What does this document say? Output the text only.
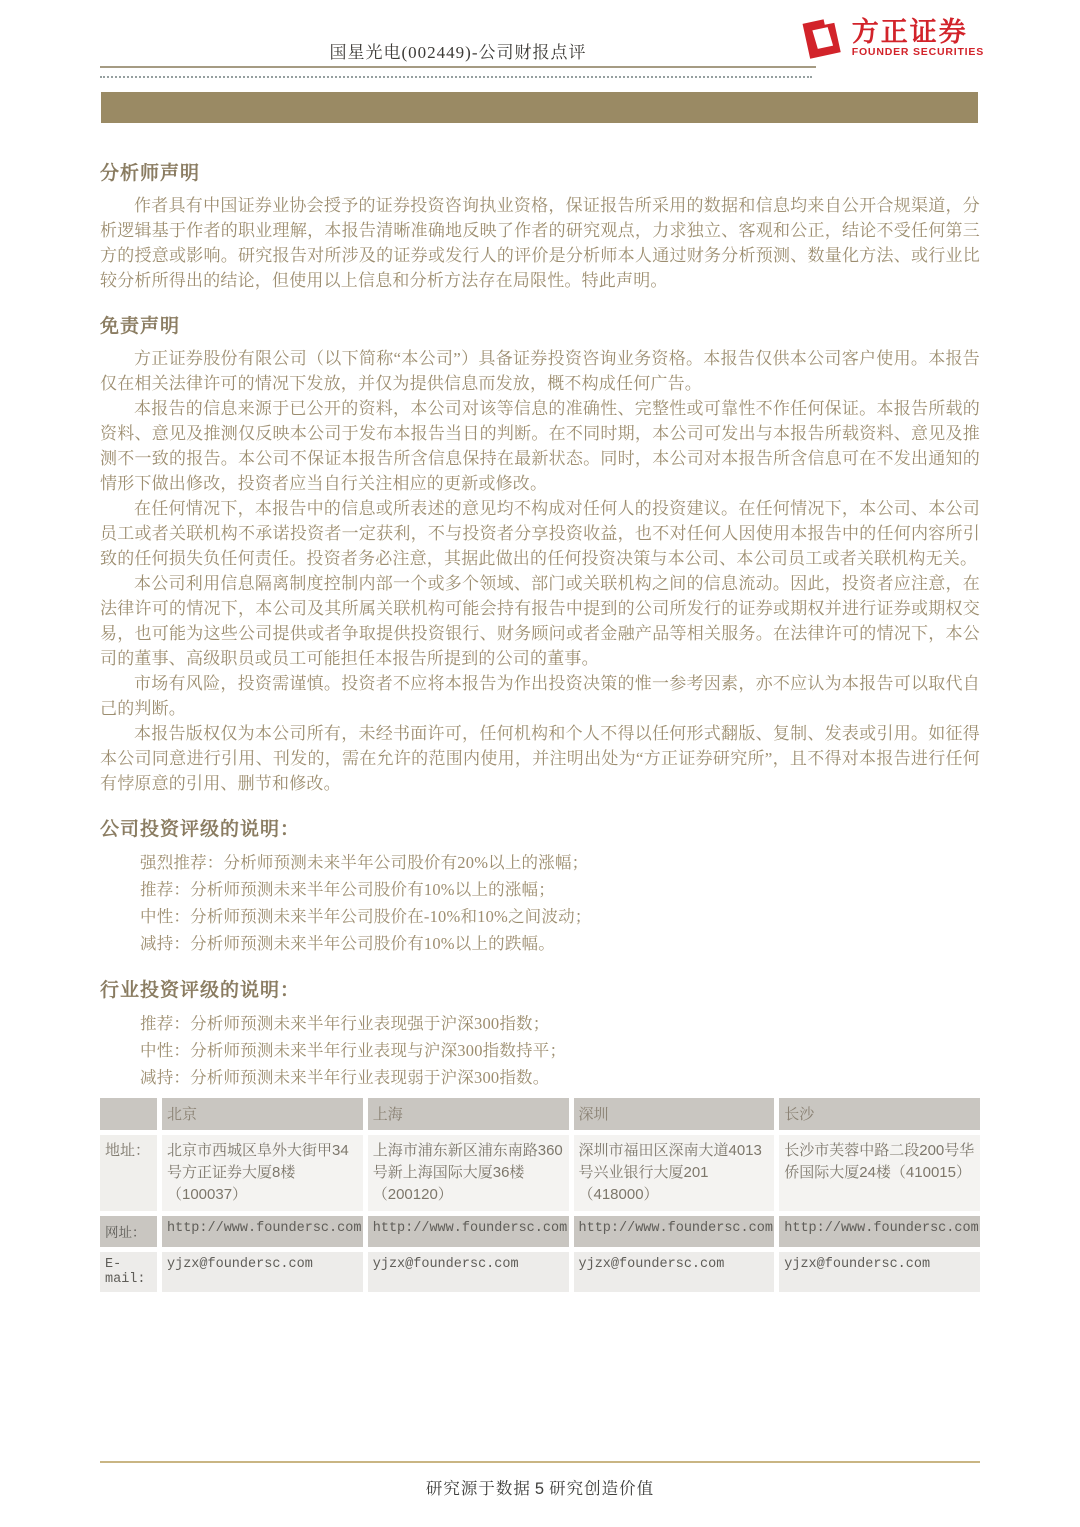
国星光电(002449)-公司财报点评
方正证券
FOUNDER SECURITIES
分析师声明

作者具有中国证券业协会授予的证券投资咨询执业资格，保证报告所采用的数据和信息均来自公开合规渠道，分析逻辑基于作者的职业理解，本报告清晰准确地反映了作者的研究观点，力求独立、客观和公正，结论不受任何第三方的授意或影响。研究报告对所涉及的证券或发行人的评价是分析师本人通过财务分析预测、数量化方法、或行业比较分析所得出的结论，但使用以上信息和分析方法存在局限性。特此声明。

免责声明

方正证券股份有限公司（以下简称“本公司”）具备证券投资咨询业务资格。本报告仅供本公司客户使用。本报告仅在相关法律许可的情况下发放，并仅为提供信息而发放，概不构成任何广告。

本报告的信息来源于已公开的资料，本公司对该等信息的准确性、完整性或可靠性不作任何保证。本报告所载的资料、意见及推测仅反映本公司于发布本报告当日的判断。在不同时期，本公司可发出与本报告所载资料、意见及推测不一致的报告。本公司不保证本报告所含信息保持在最新状态。同时，本公司对本报告所含信息可在不发出通知的情形下做出修改，投资者应当自行关注相应的更新或修改。

在任何情况下，本报告中的信息或所表述的意见均不构成对任何人的投资建议。在任何情况下，本公司、本公司员工或者关联机构不承诺投资者一定获利，不与投资者分享投资收益，也不对任何人因使用本报告中的任何内容所引致的任何损失负任何责任。投资者务必注意，其据此做出的任何投资决策与本公司、本公司员工或者关联机构无关。

本公司利用信息隔离制度控制内部一个或多个领域、部门或关联机构之间的信息流动。因此，投资者应注意，在法律许可的情况下，本公司及其所属关联机构可能会持有报告中提到的公司所发行的证券或期权并进行证券或期权交易，也可能为这些公司提供或者争取提供投资银行、财务顾问或者金融产品等相关服务。在法律许可的情况下，本公司的董事、高级职员或员工可能担任本报告所提到的公司的董事。

市场有风险，投资需谨慎。投资者不应将本报告为作出投资决策的惟一参考因素，亦不应认为本报告可以取代自己的判断。

本报告版权仅为本公司所有，未经书面许可，任何机构和个人不得以任何形式翻版、复制、发表或引用。如征得本公司同意进行引用、刊发的，需在允许的范围内使用，并注明出处为“方正证券研究所”，且不得对本报告进行任何有悖原意的引用、删节和修改。

公司投资评级的说明：
强烈推荐：分析师预测未来半年公司股价有20%以上的涨幅；
推荐：分析师预测未来半年公司股价有10%以上的涨幅；
中性：分析师预测未来半年公司股价在-10%和10%之间波动；
减持：分析师预测未来半年公司股价有10%以上的跌幅。
行业投资评级的说明：
推荐：分析师预测未来半年行业表现强于沪深300指数；
中性：分析师预测未来半年行业表现与沪深300指数持平；
减持：分析师预测未来半年行业表现弱于沪深300指数。
	北京	上海	深圳	长沙
地址：	北京市西城区阜外大街甲34号方正证券大厦8楼（100037）	上海市浦东新区浦东南路360号新上海国际大厦36楼（200120）	深圳市福田区深南大道4013号兴业银行大厦201（418000）	长沙市芙蓉中路二段200号华侨国际大厦24楼（410015）
网址：	http://www.foundersc.com	http://www.foundersc.com	http://www.foundersc.com	http://www.foundersc.com
E-mail:	yjzx@foundersc.com	yjzx@foundersc.com	yjzx@foundersc.com	yjzx@foundersc.com
研究源于数据 5 研究创造价值
